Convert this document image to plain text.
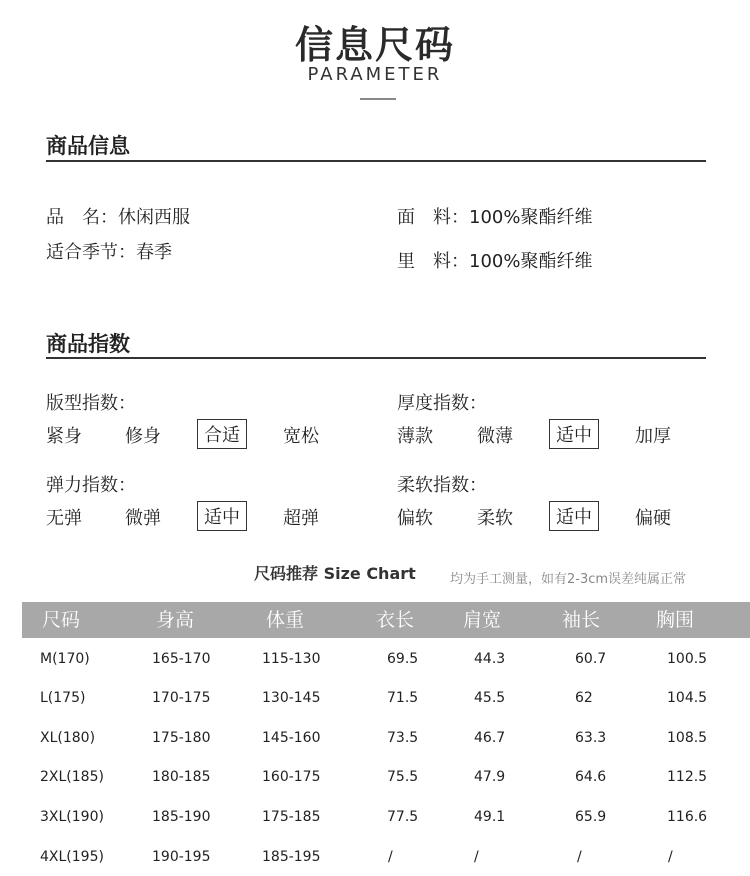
信息尺码
PARAMETER
商品信息
品　名：休闲西服
适合季节：春季
面　料：100%聚酯纤维
里　料：100%聚酯纤维
商品指数
版型指数：
紧身 修身	合适	宽松
厚度指数：
薄款 微薄	适中	加厚
弹力指数：
无弹 微弹	适中	超弹
柔软指数：
偏软 柔软	适中	偏硬
尺码推荐 Size Chart	均为手工测量，如有2-3cm误差纯属正常
尺码	身高	体重	衣长	肩宽	袖长	胸围
M(170)	165-170	115-130	69.5	44.3	60.7	100.5
L(175)	170-175	130-145	71.5	45.5	62	104.5
XL(180)	175-180	145-160	73.5	46.7	63.3	108.5
2XL(185)	180-185	160-175	75.5	47.9	64.6	112.5
3XL(190)	185-190	175-185	77.5	49.1	65.9	116.6
4XL(195)	190-195	185-195	/	/	/	/
